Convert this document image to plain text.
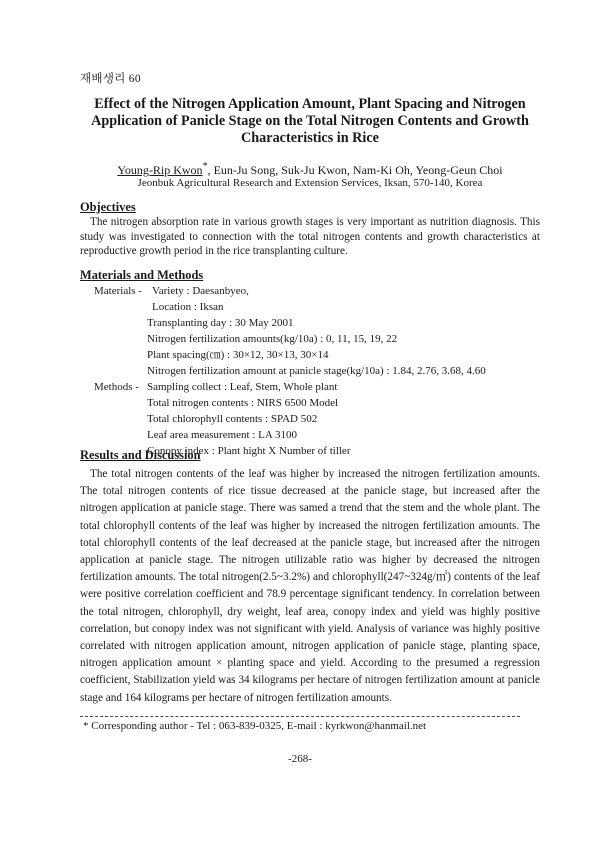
재배생리 60
Effect of the Nitrogen Application Amount, Plant Spacing and Nitrogen Application of Panicle Stage on the Total Nitrogen Contents and Growth Characteristics in Rice
Young-Rip Kwon*, Eun-Ju Song, Suk-Ju Kwon, Nam-Ki Oh, Yeong-Geun Choi
Jeonbuk Agricultural Research and Extension Services, Iksan, 570-140, Korea
Objectives
The nitrogen absorption rate in various growth stages is very important as nutrition diagnosis. This study was investigated to connection with the total nitrogen contents and growth characteristics at reproductive growth period in the rice transplanting culture.
Materials and Methods
Materials - Variety : Daesanbyeo,
Location : Iksan
Transplanting day : 30 May 2001
Nitrogen fertilization amounts(kg/10a) : 0, 11, 15, 19, 22
Plant spacing(㎝) : 30×12, 30×13, 30×14
Nitrogen fertilization amount at panicle stage(kg/10a) : 1.84, 2.76, 3.68, 4.60
Methods - Sampling collect : Leaf, Stem, Whole plant
Total nitrogen contents : NIRS 6500 Model
Total chlorophyll contents : SPAD 502
Leaf area measurement : LA 3100
Conopy index : Plant hight X Number of tiller
Results and Discussion
The total nitrogen contents of the leaf was higher by increased the nitrogen fertilization amounts. The total nitrogen contents of rice tissue decreased at the panicle stage, but increased after the nitrogen application at panicle stage. There was samed a trend that the stem and the whole plant. The total chlorophyll contents of the leaf was higher by increased the nitrogen fertilization amounts. The total chlorophyll contents of the leaf decreased at the panicle stage, but increased after the nitrogen application at panicle stage. The nitrogen utilizable ratio was higher by decreased the nitrogen fertilization amounts. The total nitrogen(2.5~3.2%) and chlorophyll(247~324g/㎡) contents of the leaf were positive correlation coefficient and 78.9 percentage significant tendency. In correlation between the total nitrogen, chlorophyll, dry weight, leaf area, conopy index and yield was highly positive correlation, but conopy index was not significant with yield. Analysis of variance was highly positive correlated with nitrogen application amount, nitrogen application of panicle stage, planting space, nitrogen application amount × planting space and yield. According to the presumed a regression coefficient, Stabilization yield was 34 kilograms per hectare of nitrogen fertilization amount at panicle stage and 164 kilograms per hectare of nitrogen fertilization amounts.
* Corresponding author - Tel : 063-839-0325, E-mail : kyrkwon@hanmail.net
-268-
